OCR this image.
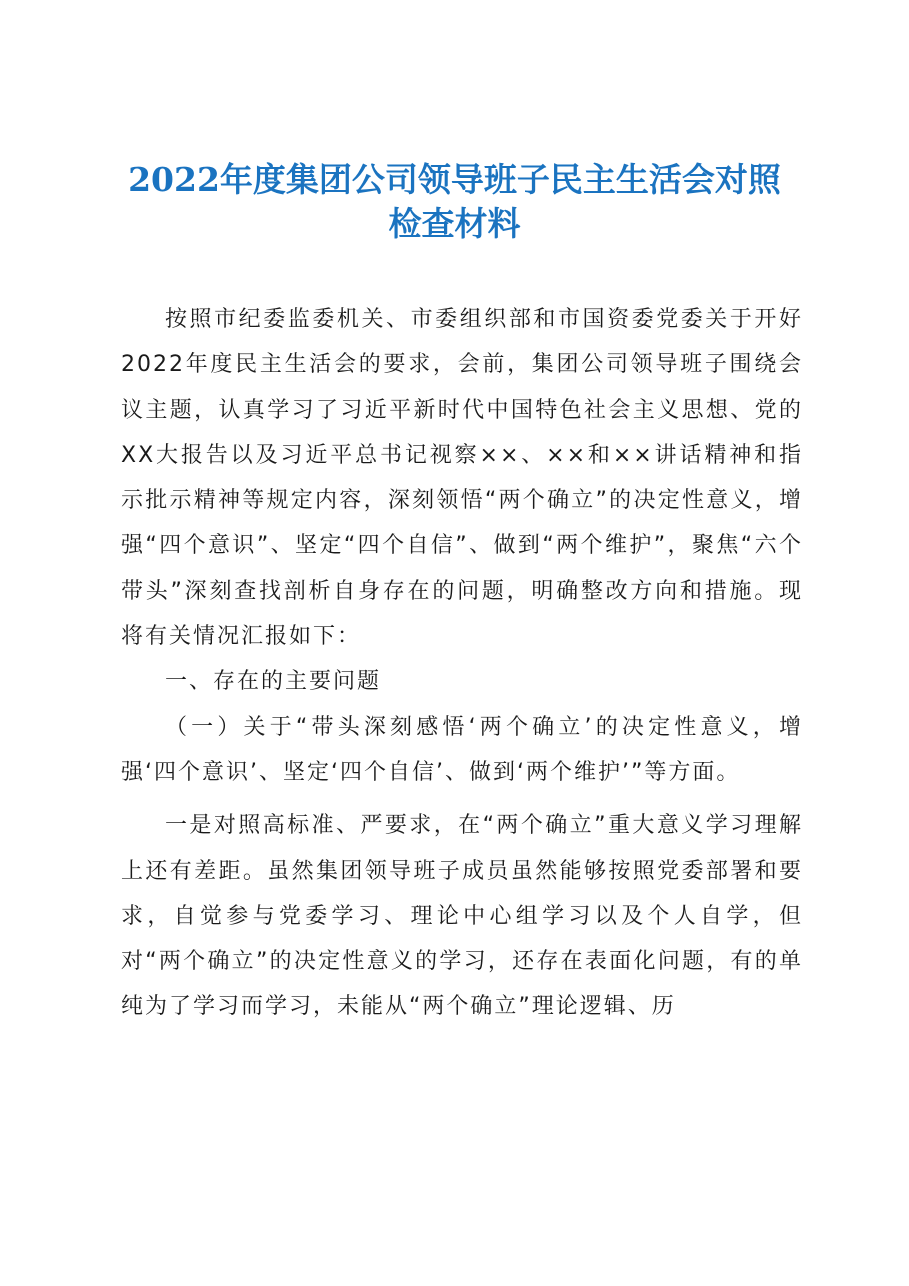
2022年度集团公司领导班子民主生活会对照
检查材料

按照市纪委监委机关、市委组织部和市国资委党委关于开好2022年度民主生活会的要求，会前，集团公司领导班子围绕会议主题，认真学习了习近平新时代中国特色社会主义思想、党的XX大报告以及习近平总书记视察××、××和××讲话精神和指示批示精神等规定内容，深刻领悟“两个确立”的决定性意义，增强“四个意识”、坚定“四个自信”、做到“两个维护”，聚焦“六个带头”深刻查找剖析自身存在的问题，明确整改方向和措施。现将有关情况汇报如下：

一、存在的主要问题

（一）关于“带头深刻感悟‘两个确立’的决定性意义，增强‘四个意识’、坚定‘四个自信’、做到‘两个维护’”等方面。

一是对照高标准、严要求，在“两个确立”重大意义学习理解上还有差距。虽然集团领导班子成员虽然能够按照党委部署和要求，自觉参与党委学习、理论中心组学习以及个人自学，但对“两个确立”的决定性意义的学习，还存在表面化问题，有的单纯为了学习而学习，未能从“两个确立”理论逻辑、历
